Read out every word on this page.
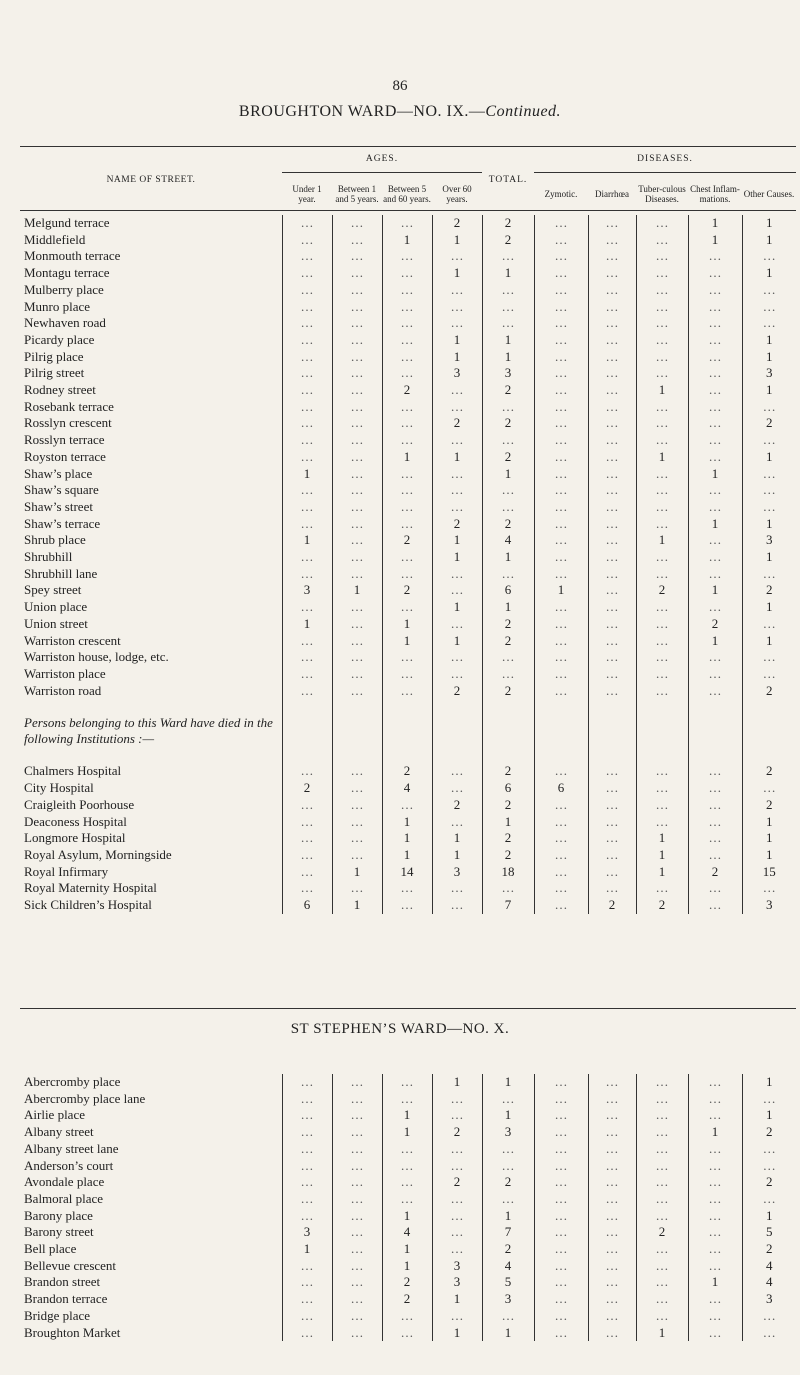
86
BROUGHTON WARD—NO. IX.—Continued.
NAME OF STREET.	AGES.				TOTAL.	DISEASES.				
	Under 1 year.	Between 1 and 5 years.	Between 5 and 60 years.	Over 60 years.		Zymotic.	Diarrhœa	Tuber-culous Diseases.	Chest Inflam-mations.	Other Causes.
Melgund terrace	…	…	…	2	2	…	…	…	1	1
Middlefield	…	…	1	1	2	…	…	…	1	1
Monmouth terrace	…	…	…	…	…	…	…	…	…	…
Montagu terrace	…	…	…	1	1	…	…	…	…	1
Mulberry place	…	…	…	…	…	…	…	…	…	…
Munro place	…	…	…	…	…	…	…	…	…	…
Newhaven road	…	…	…	…	…	…	…	…	…	…
Picardy place	…	…	…	1	1	…	…	…	…	1
Pilrig place	…	…	…	1	1	…	…	…	…	1
Pilrig street	…	…	…	3	3	…	…	…	…	3
Rodney street	…	…	2	…	2	…	…	1	…	1
Rosebank terrace	…	…	…	…	…	…	…	…	…	…
Rosslyn crescent	…	…	…	2	2	…	…	…	…	2
Rosslyn terrace	…	…	…	…	…	…	…	…	…	…
Royston terrace	…	…	1	1	2	…	…	1	…	1
Shaw’s place	1	…	…	…	1	…	…	…	1	…
Shaw’s square	…	…	…	…	…	…	…	…	…	…
Shaw’s street	…	…	…	…	…	…	…	…	…	…
Shaw’s terrace	…	…	…	2	2	…	…	…	1	1
Shrub place	1	…	2	1	4	…	…	1	…	3
Shrubhill	…	…	…	1	1	…	…	…	…	1
Shrubhill lane	…	…	…	…	…	…	…	…	…	…
Spey street	3	1	2	…	6	1	…	2	1	2
Union place	…	…	…	1	1	…	…	…	…	1
Union street	1	…	1	…	2	…	…	…	2	…
Warriston crescent	…	…	1	1	2	…	…	…	1	1
Warriston house, lodge, etc.	…	…	…	…	…	…	…	…	…	…
Warriston place	…	…	…	…	…	…	…	…	…	…
Warriston road	…	…	…	2	2	…	…	…	…	2
Persons belonging to this Ward have died in the following Institutions :—										
Chalmers Hospital	…	…	2	…	2	…	…	…	…	2
City Hospital	2	…	4	…	6	6	…	…	…	…
Craigleith Poorhouse	…	…	…	2	2	…	…	…	…	2
Deaconess Hospital	…	…	1	…	1	…	…	…	…	1
Longmore Hospital	…	…	1	1	2	…	…	1	…	1
Royal Asylum, Morningside	…	…	1	1	2	…	…	1	…	1
Royal Infirmary	…	1	14	3	18	…	…	1	2	15
Royal Maternity Hospital	…	…	…	…	…	…	…	…	…	…
Sick Children’s Hospital	6	1	…	…	7	…	2	2	…	3
ST STEPHEN’S WARD—NO. X.
Abercromby place	…	…	…	1	1	…	…	…	…	1
Abercromby place lane	…	…	…	…	…	…	…	…	…	…
Airlie place	…	…	1	…	1	…	…	…	…	1
Albany street	…	…	1	2	3	…	…	…	1	2
Albany street lane	…	…	…	…	…	…	…	…	…	…
Anderson’s court	…	…	…	…	…	…	…	…	…	…
Avondale place	…	…	…	2	2	…	…	…	…	2
Balmoral place	…	…	…	…	…	…	…	…	…	…
Barony place	…	…	1	…	1	…	…	…	…	1
Barony street	3	…	4	…	7	…	…	2	…	5
Bell place	1	…	1	…	2	…	…	…	…	2
Bellevue crescent	…	…	1	3	4	…	…	…	…	4
Brandon street	…	…	2	3	5	…	…	…	1	4
Brandon terrace	…	…	2	1	3	…	…	…	…	3
Bridge place	…	…	…	…	…	…	…	…	…	…
Broughton Market	…	…	…	1	1	…	…	1	…	…
